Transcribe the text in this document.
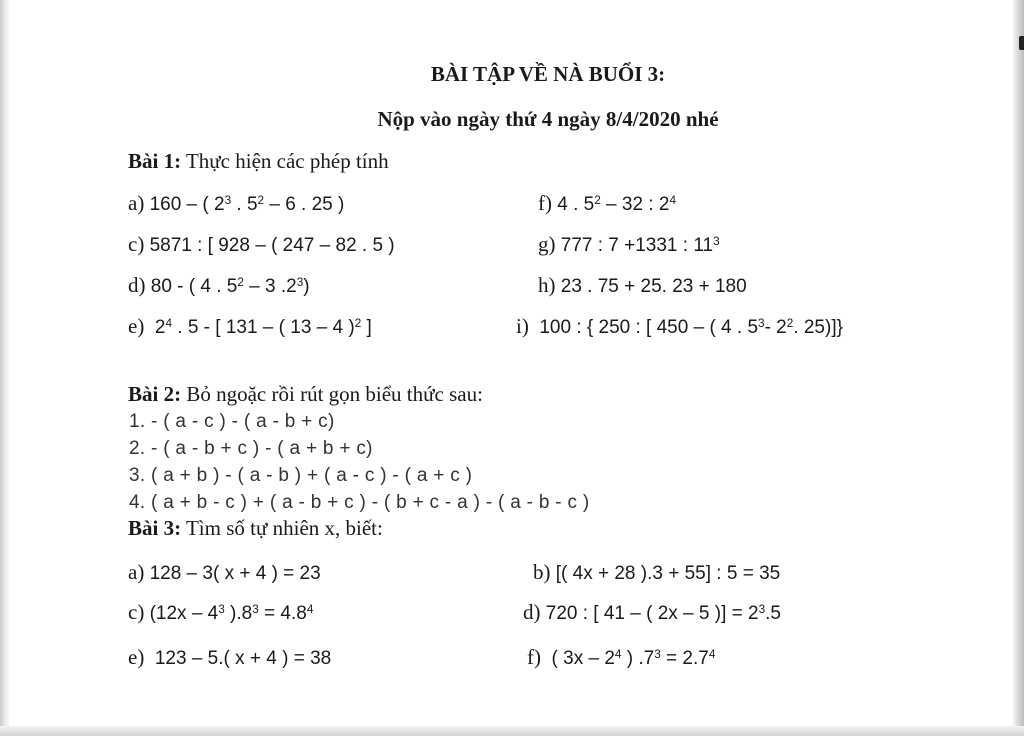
BÀI TẬP VỀ NÀ BUỔI 3:
Nộp vào ngày thứ 4 ngày 8/4/2020 nhé
Bài 1: Thực hiện các phép tính
a) 160 – ( $2^3$ . $5^2 - 6$ . 25 )	f) 4 . $5^2 - 32$ : $2^4$
c) 5871 : [ 928 – ( 247 – 82 . 5 )	g) 777 : 7 +1331 : $11^3$
d) 80 - ( 4 . $5^2 - 3$ $.2^3$)	h) 23 . 75 + 25. 23 + 180
e) $2^4$ . 5 - [ 131 – ( 13 – 4 )$^2$ ]	i) 100 : { 250 : [ 450 – ( 4 . $5^3-$ $2^2$. 25)]}
Bài 2: Bỏ ngoặc rồi rút gọn biểu thức sau:
1. - ( a - c ) - ( a - b + c)
2. - ( a - b + c ) - ( a + b + c)
3. ( a + b ) - ( a - b ) + ( a - c ) - ( a + c )
4. ( a + b - c ) + ( a - b + c ) - ( b + c - a ) - ( a - b - c )
Bài 3: Tìm số tự nhiên x, biết:
a) 128 – 3( x + 4 ) = 23	b) [( 4x + 28 ).3 + 55] : 5 = 35
c) ($12x - 4^3$ )$.8^3 = 4.8^4$	d) 720 : [ 41 – ( 2x – 5 )] = $2^3.5$
e) 123 – 5.( x + 4 ) = 38	f) ( $3x - 2^4$ ) $.7^3 = 2.7^4$
